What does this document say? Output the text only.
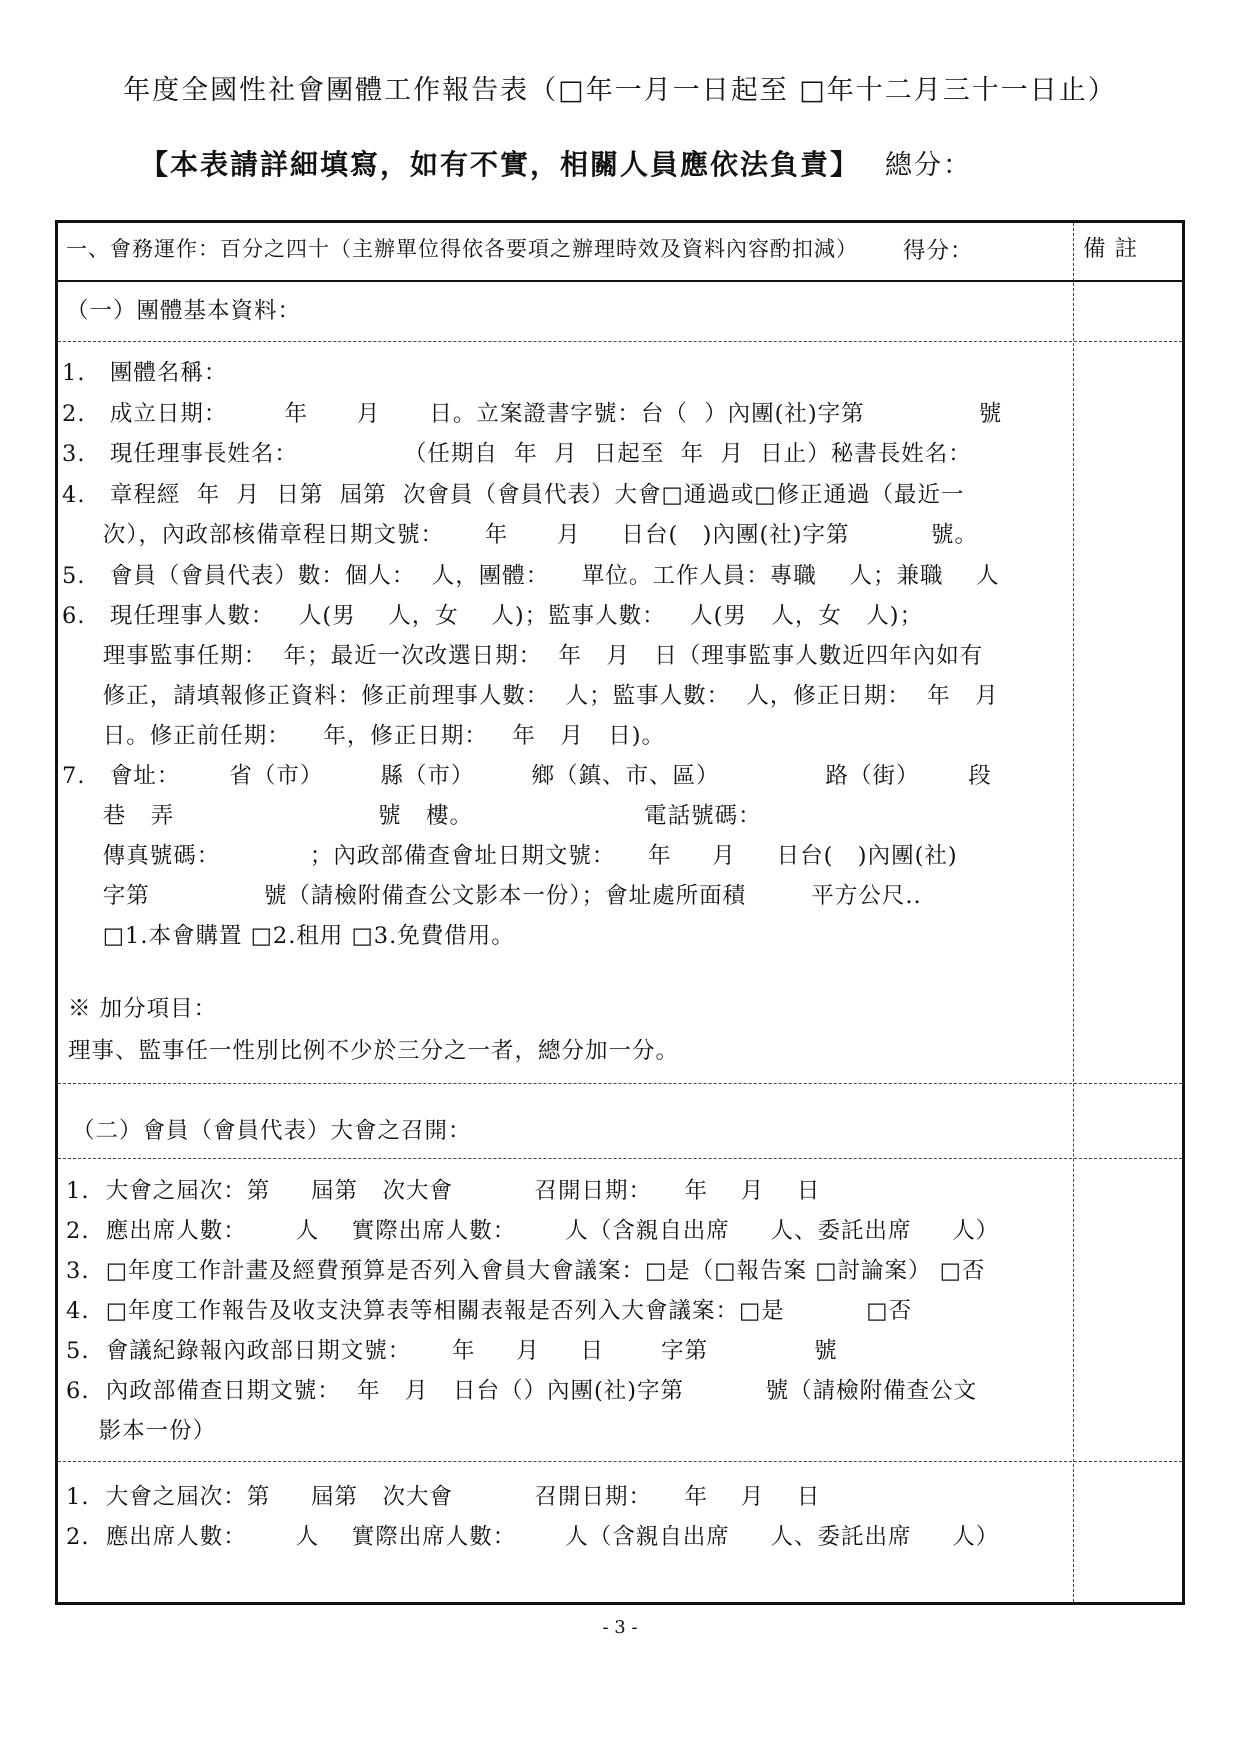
年度全國性社會團體工作報告表（□年一月一日起至 □年十二月三十一日止）
【本表請詳細填寫，如有不實，相關人員應依法負責】 總分：
一、會務運作：百分之四十（主辦單位得依各要項之辦理時效及資料內容酌扣減） 得分：	備 註
（一）團體基本資料：
1.   團體名稱：
2.   成立日期：       年      月      日。立案證書字號：台（  ）內團(社)字第              號
3.   現任理事長姓名：             （任期自  年  月  日起至  年  月  日止）秘書長姓名：
4.   章程經  年  月  日第  屆第  次會員（會員代表）大會□通過或□修正通過（最近一
次），內政部核備章程日期文號：     年      月     日台(   )內團(社)字第          號。
5.   會員（會員代表）數：個人：  人，團體：    單位。工作人員：專職    人；兼職    人
6.   現任理事人數：   人(男    人，女    人)；監事人數：   人(男   人，女   人)；
理事監事任期：  年；最近一次改選日期：  年   月   日（理事監事人數近四年內如有
修正，請填報修正資料：修正前理事人數：  人；監事人數：  人，修正日期：  年   月
日。修正前任期：    年，修正日期：   年   月   日)。
7.   會址：      省（市）       縣（市）       鄉（鎮、市、區）             路（街）      段
巷   弄                         號   樓。                     電話號碼：
傳真號碼：           ；內政部備查會址日期文號：    年     月     日台(   )內團(社)
字第              號（請檢附備查公文影本一份）；會址處所面積        平方公尺..
□1.本會購置 □2.租用 □3.免費借用。
※ 加分項目：
理事、監事任一性別比例不少於三分之一者，總分加一分。
（二）會員（會員代表）大會之召開：
1.  大會之屆次：第     屆第   次大會          召開日期：    年    月    日
2.  應出席人數：      人    實際出席人數：      人（含親自出席     人、委託出席     人）
3.  □年度工作計畫及經費預算是否列入會員大會議案：□是（□報告案 □討論案） □否
4.  □年度工作報告及收支決算表等相關表報是否列入大會議案：□是          □否
5.  會議紀錄報內政部日期文號：     年     月     日       字第             號
6.  內政部備查日期文號：  年   月   日台（）內團(社)字第          號（請檢附備查公文
影本一份）
1.  大會之屆次：第     屆第   次大會          召開日期：    年    月    日
2.  應出席人數：      人    實際出席人數：      人（含親自出席     人、委託出席     人）
- 3 -
